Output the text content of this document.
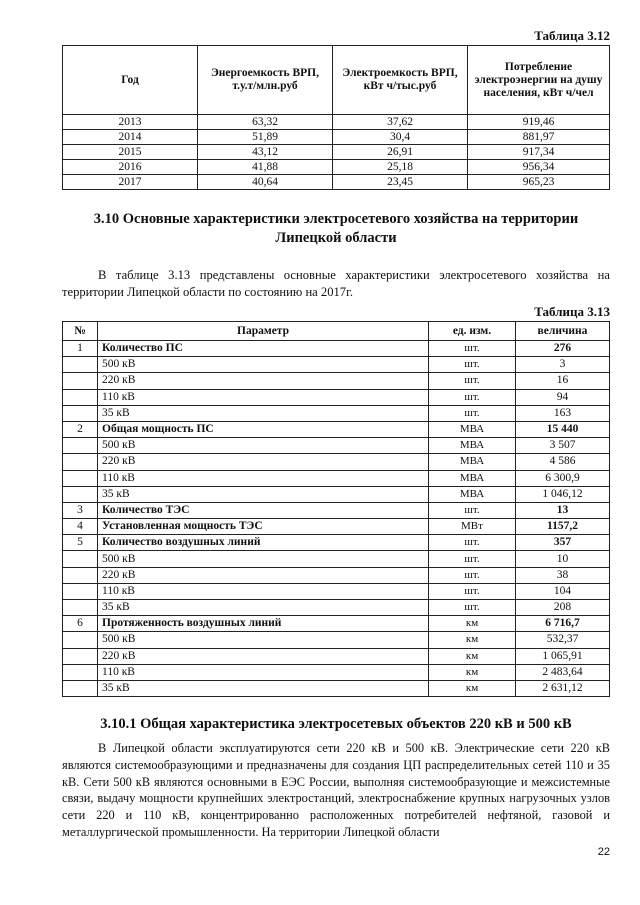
Таблица 3.12
Год	Энергоемкость ВРП, т.у.т/млн.руб	Электроемкость ВРП, кВт ч/тыс.руб	Потребление электроэнергии на душу населения, кВт ч/чел
2013	63,32	37,62	919,46
2014	51,89	30,4	881,97
2015	43,12	26,91	917,34
2016	41,88	25,18	956,34
2017	40,64	23,45	965,23
3.10 Основные характеристики электросетевого хозяйства на территории Липецкой области
В таблице 3.13 представлены основные характеристики электросетевого хозяйства на территории Липецкой области по состоянию на 2017г.
Таблица 3.13
№	Параметр	ед. изм.	величина
1	Количество ПС	шт.	276
	500 кВ	шт.	3
	220 кВ	шт.	16
	110 кВ	шт.	94
	35 кВ	шт.	163
2	Общая мощность ПС	МВА	15 440
	500 кВ	МВА	3 507
	220 кВ	МВА	4 586
	110 кВ	МВА	6 300,9
	35 кВ	МВА	1 046,12
3	Количество ТЭС	шт.	13
4	Установленная мощность ТЭС	МВт	1157,2
5	Количество воздушных линий	шт.	357
	500 кВ	шт.	10
	220 кВ	шт.	38
	110 кВ	шт.	104
	35 кВ	шт.	208
6	Протяженность воздушных линий	км	6 716,7
	500 кВ	км	532,37
	220 кВ	км	1 065,91
	110 кВ	км	2 483,64
	35 кВ	км	2 631,12
3.10.1 Общая характеристика электросетевых объектов 220 кВ и 500 кВ
В Липецкой области эксплуатируются сети 220 кВ и 500 кВ. Электрические сети 220 кВ являются системообразующими и предназначены для создания ЦП распределительных сетей 110 и 35 кВ. Сети 500 кВ являются основными в ЕЭС России, выполняя системообразующие и межсистемные связи, выдачу мощности крупнейших электростанций, электроснабжение крупных нагрузочных узлов сети 220 и 110 кВ, концентрированно расположенных потребителей нефтяной, газовой и металлургической промышленности. На территории Липецкой области
22
